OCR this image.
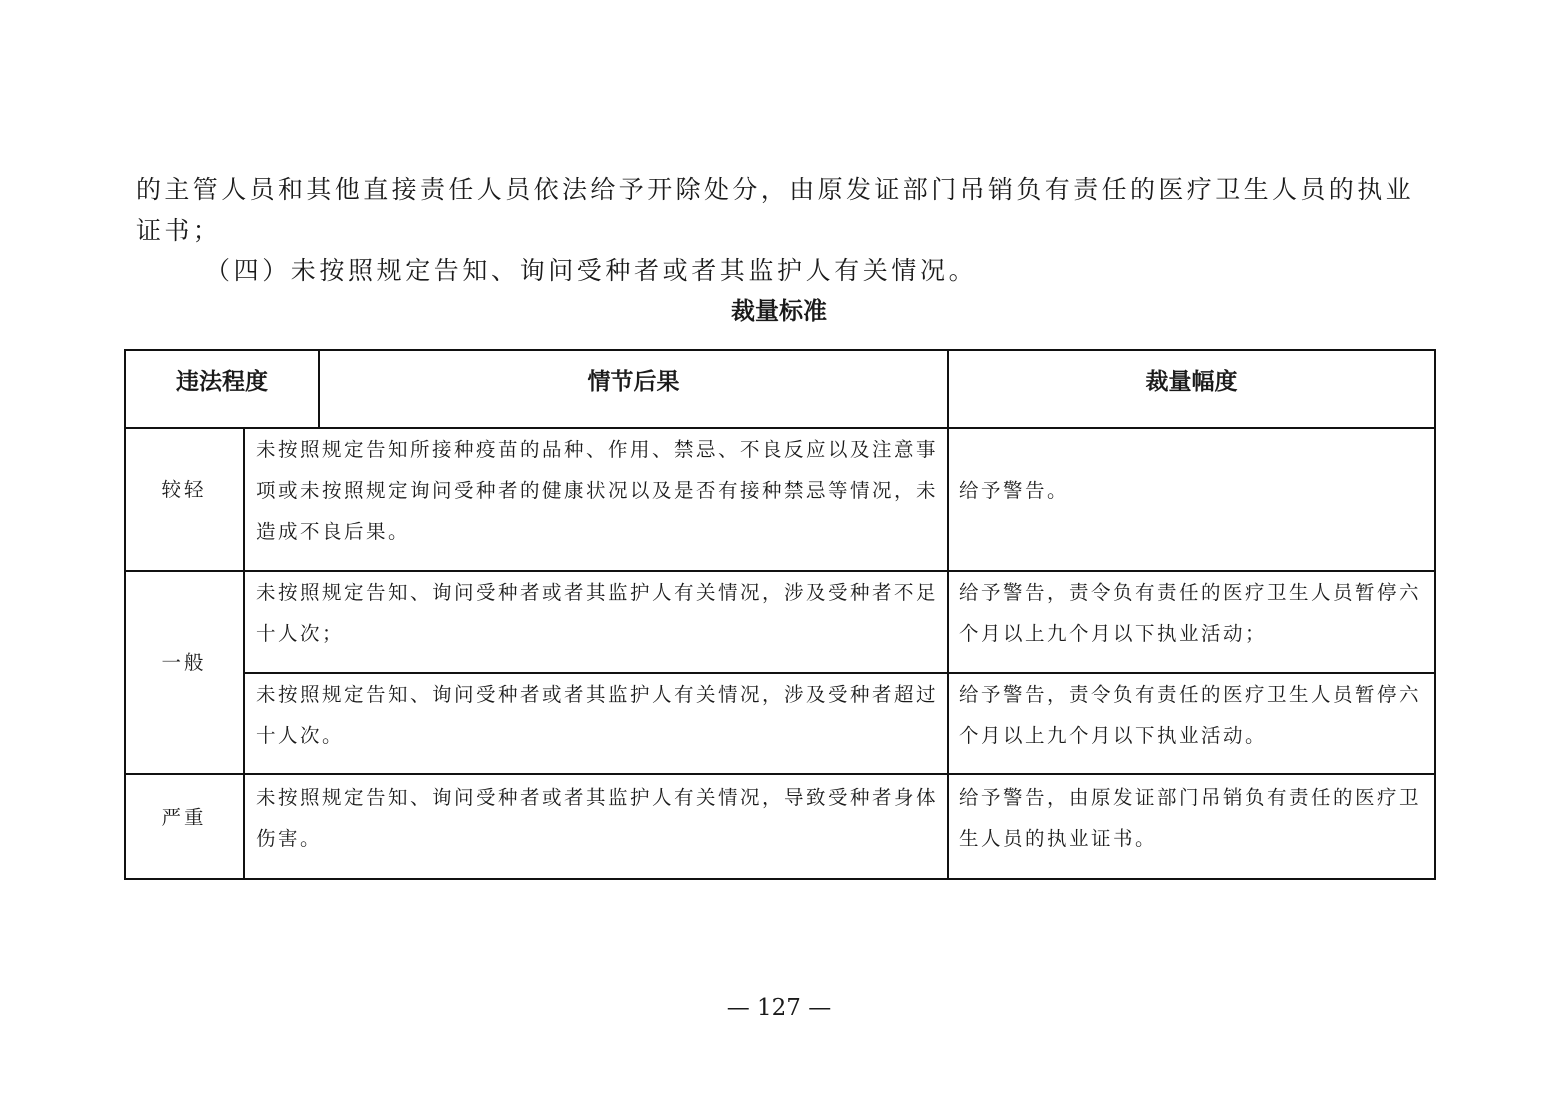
的主管人员和其他直接责任人员依法给予开除处分，由原发证部门吊销负有责任的医疗卫生人员的执业证书；

（四）未按照规定告知、询问受种者或者其监护人有关情况。

裁量标准
违法程度	情节后果	裁量幅度
较轻
未按照规定告知所接种疫苗的品种、作用、禁忌、不良反应以及注意事项或未按照规定询问受种者的健康状况以及是否有接种禁忌等情况，未造成不良后果。
给予警告。
一般
未按照规定告知、询问受种者或者其监护人有关情况，涉及受种者不足十人次；
给予警告，责令负有责任的医疗卫生人员暂停六个月以上九个月以下执业活动；
未按照规定告知、询问受种者或者其监护人有关情况，涉及受种者超过十人次。
给予警告，责令负有责任的医疗卫生人员暂停六个月以上九个月以下执业活动。
严重
未按照规定告知、询问受种者或者其监护人有关情况，导致受种者身体伤害。
给予警告，由原发证部门吊销负有责任的医疗卫生人员的执业证书。

— 127 —
